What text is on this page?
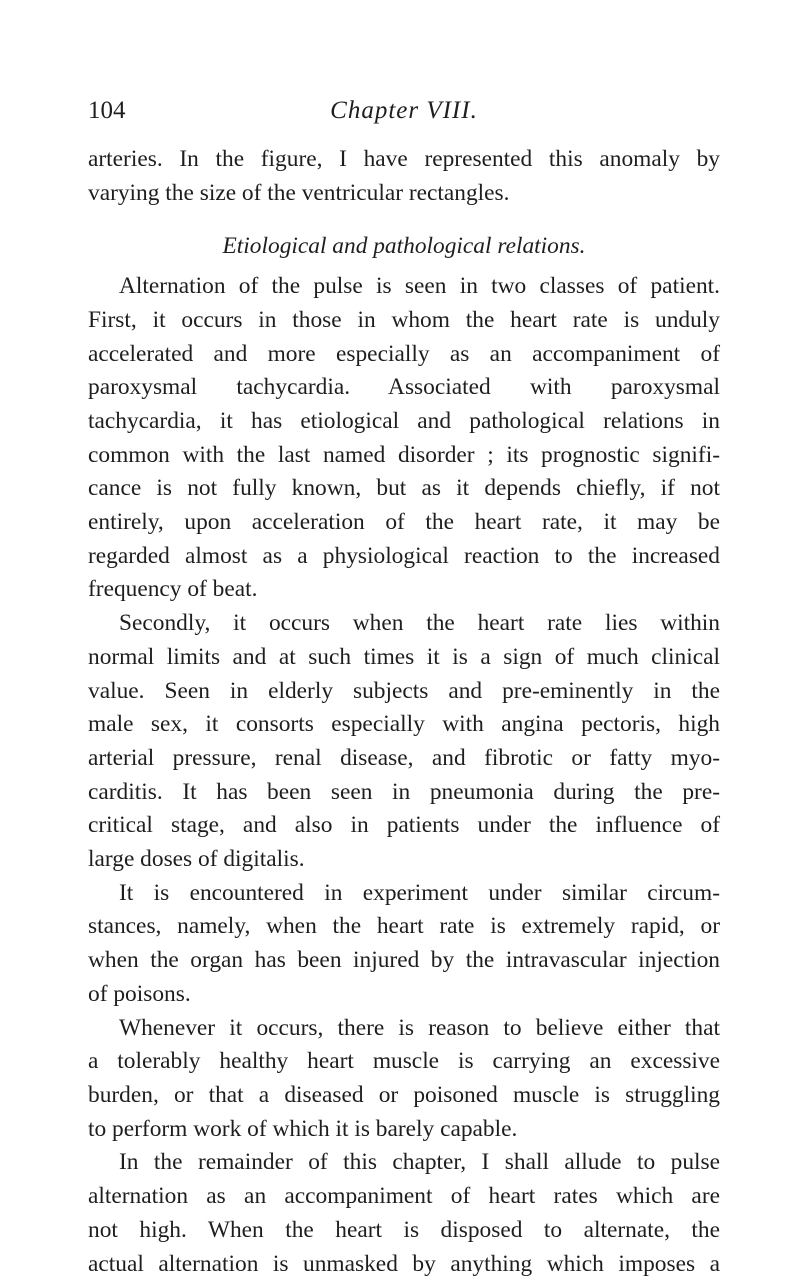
104	Chapter VIII.
arteries. In the figure, I have represented this anomaly by
varying the size of the ventricular rectangles.
Etiological and pathological relations.
Alternation of the pulse is seen in two classes of patient.
First, it occurs in those in whom the heart rate is unduly
accelerated and more especially as an accompaniment of
paroxysmal tachycardia. Associated with paroxysmal
tachycardia, it has etiological and pathological relations in
common with the last named disorder ; its prognostic signifi-
cance is not fully known, but as it depends chiefly, if not
entirely, upon acceleration of the heart rate, it may be
regarded almost as a physiological reaction to the increased
frequency of beat.
Secondly, it occurs when the heart rate lies within
normal limits and at such times it is a sign of much clinical
value. Seen in elderly subjects and pre-eminently in the
male sex, it consorts especially with angina pectoris, high
arterial pressure, renal disease, and fibrotic or fatty myo-
carditis. It has been seen in pneumonia during the pre-
critical stage, and also in patients under the influence of
large doses of digitalis.
It is encountered in experiment under similar circum-
stances, namely, when the heart rate is extremely rapid, or
when the organ has been injured by the intravascular injection
of poisons.
Whenever it occurs, there is reason to believe either that
a tolerably healthy heart muscle is carrying an excessive
burden, or that a diseased or poisoned muscle is struggling
to perform work of which it is barely capable.
In the remainder of this chapter, I shall allude to pulse
alternation as an accompaniment of heart rates which are
not high. When the heart is disposed to alternate, the
actual alternation is unmasked by anything which imposes a
